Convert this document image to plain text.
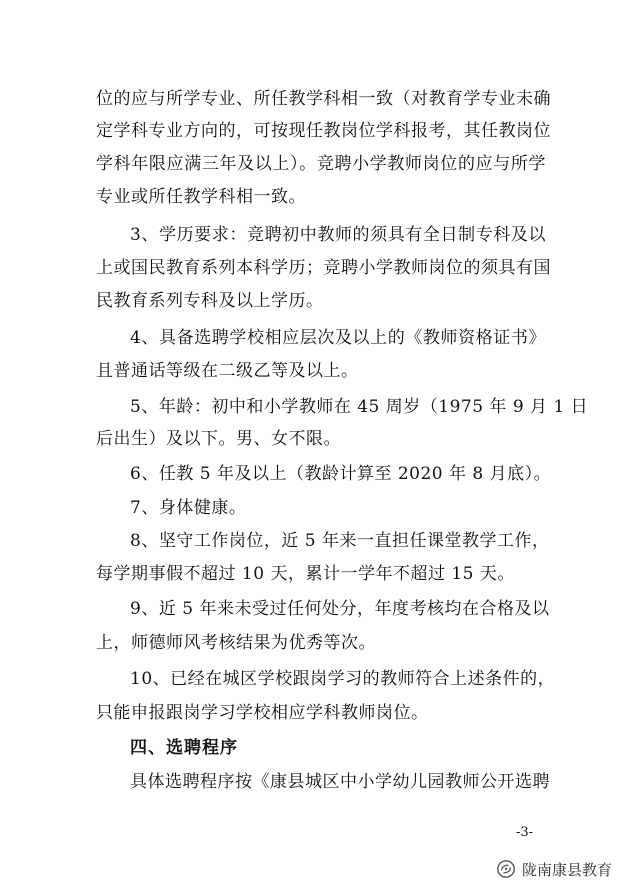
位的应与所学专业、所任教学科相一致（对教育学专业未确
定学科专业方向的，可按现任教岗位学科报考，其任教岗位
学科年限应满三年及以上）。竞聘小学教师岗位的应与所学
专业或所任教学科相一致。
3、学历要求：竞聘初中教师的须具有全日制专科及以
上或国民教育系列本科学历；竞聘小学教师岗位的须具有国
民教育系列专科及以上学历。
4、具备选聘学校相应层次及以上的《教师资格证书》
且普通话等级在二级乙等及以上。
5、年龄：初中和小学教师在 45 周岁（1975 年 9 月 1 日
后出生）及以下。男、女不限。
6、任教 5 年及以上（教龄计算至 2020 年 8 月底）。
7、身体健康。
8、坚守工作岗位，近 5 年来一直担任课堂教学工作，
每学期事假不超过 10 天，累计一学年不超过 15 天。
9、近 5 年来未受过任何处分，年度考核均在合格及以
上，师德师风考核结果为优秀等次。
10、已经在城区学校跟岗学习的教师符合上述条件的，
只能申报跟岗学习学校相应学科教师岗位。
四、选聘程序
具体选聘程序按《康县城区中小学幼儿园教师公开选聘
-3-
陇南康县教育
